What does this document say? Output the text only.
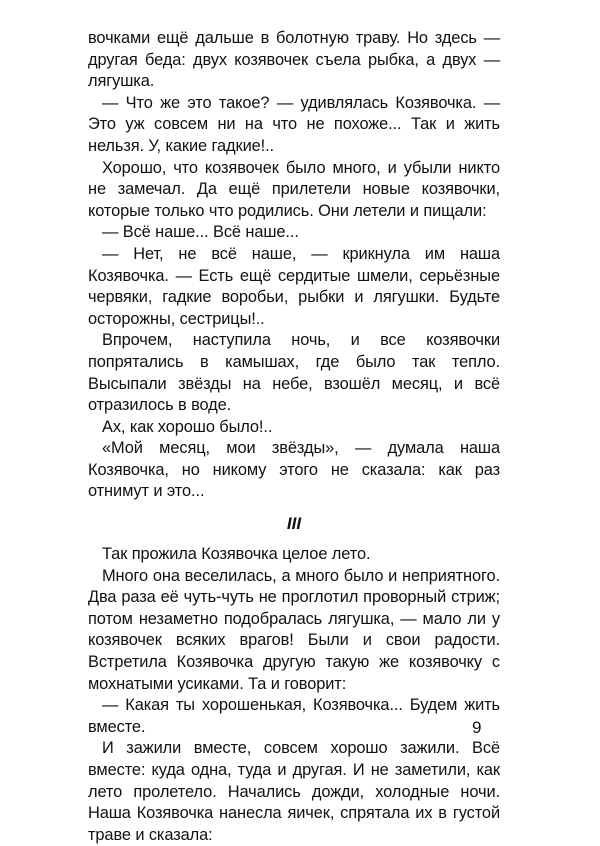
вочками ещё дальше в болотную траву. Но здесь — другая беда: двух козявочек съела рыбка, а двух — лягушка.

— Что же это такое? — удивлялась Козявочка. — Это уж совсем ни на что не похоже... Так и жить нельзя. У, какие гадкие!..

Хорошо, что козявочек было много, и убыли никто не замечал. Да ещё прилетели новые козявочки, которые только что родились. Они летели и пищали:

— Всё наше... Всё наше...

— Нет, не всё наше, — крикнула им наша Козявочка. — Есть ещё сердитые шмели, серьёзные червяки, гадкие воробьи, рыбки и лягушки. Будьте осторожны, сестрицы!..

Впрочем, наступила ночь, и все козявочки попрятались в камышах, где было так тепло. Высыпали звёзды на небе, взошёл месяц, и всё отразилось в воде.

Ах, как хорошо было!..

«Мой месяц, мои звёзды», — думала наша Козявочка, но никому этого не сказала: как раз отнимут и это...

III

Так прожила Козявочка целое лето.

Много она веселилась, а много было и неприятного. Два раза её чуть-чуть не проглотил проворный стриж; потом незаметно подобралась лягушка, — мало ли у козявочек всяких врагов! Были и свои радости. Встретила Козявочка другую такую же козявочку с мохнатыми усиками. Та и говорит:

— Какая ты хорошенькая, Козявочка... Будем жить вместе.

И зажили вместе, совсем хорошо зажили. Всё вместе: куда одна, туда и другая. И не заметили, как лето пролетело. Начались дожди, холодные ночи. Наша Козявочка нанесла яичек, спрятала их в густой траве и сказала:

9
